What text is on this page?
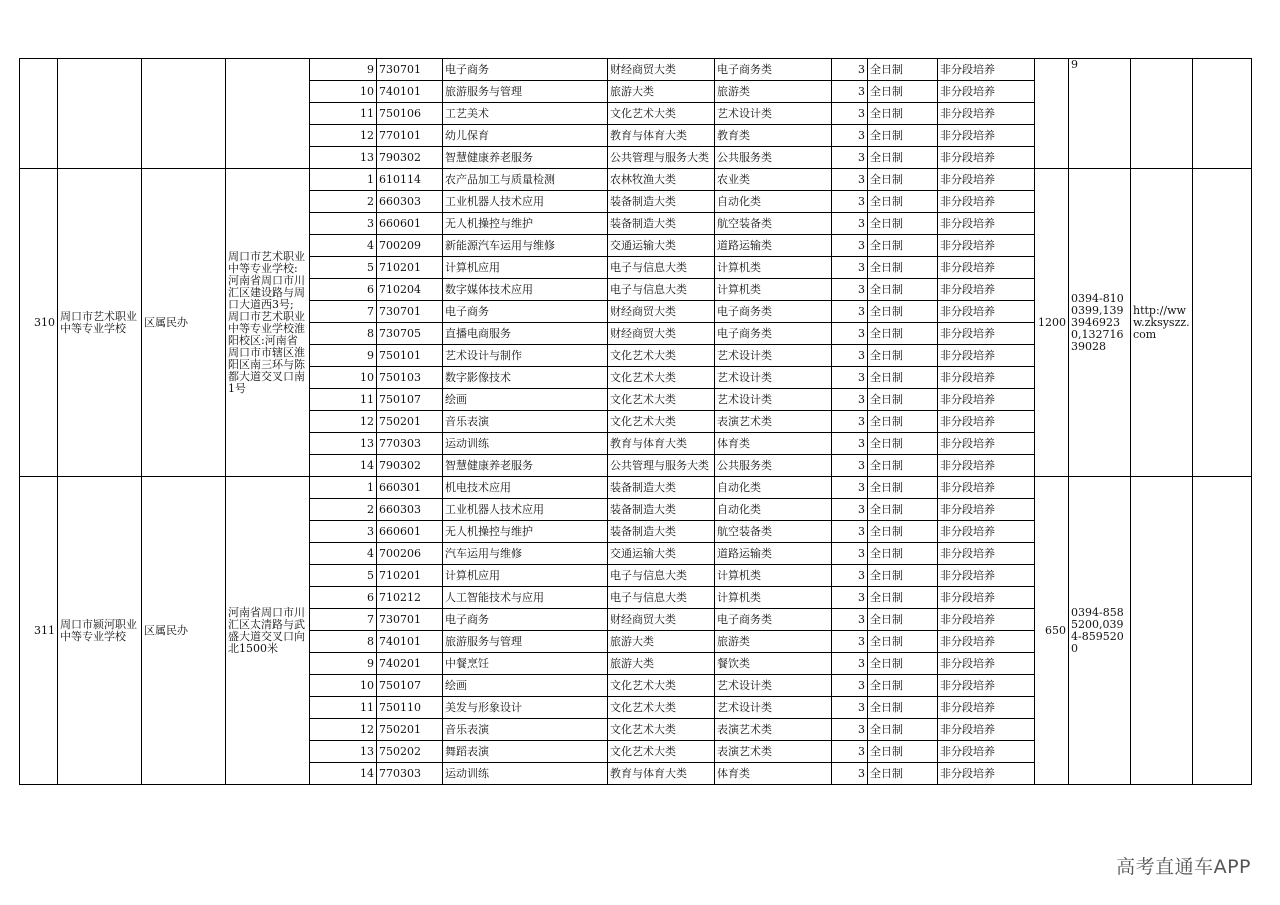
				9	730701	电子商务	财经商贸大类	电子商务类	3	全日制	非分段培养		9		
				10	740101	旅游服务与管理	旅游大类	旅游类	3	全日制	非分段培养				
				11	750106	工艺美术	文化艺术大类	艺术设计类	3	全日制	非分段培养				
				12	770101	幼儿保育	教育与体育大类	教育类	3	全日制	非分段培养				
				13	790302	智慧健康养老服务	公共管理与服务大类	公共服务类	3	全日制	非分段培养				
310	周口市艺术职业中等专业学校	区属民办	周口市艺术职业中等专业学校:河南省周口市川汇区建设路与周口大道西3号; 周口市艺术职业中等专业学校淮阳校区:河南省周口市市辖区淮阳区南三环与陈都大道交叉口南1号	1	610114	农产品加工与质量检测	农林牧渔大类	农业类	3	全日制	非分段培养	1200	0394-8100399,13939469230,13271639028	http://www.zksyszz.com	
				2	660303	工业机器人技术应用	装备制造大类	自动化类	3	全日制	非分段培养				
				3	660601	无人机操控与维护	装备制造大类	航空装备类	3	全日制	非分段培养				
				4	700209	新能源汽车运用与维修	交通运输大类	道路运输类	3	全日制	非分段培养				
				5	710201	计算机应用	电子与信息大类	计算机类	3	全日制	非分段培养				
				6	710204	数字媒体技术应用	电子与信息大类	计算机类	3	全日制	非分段培养				
				7	730701	电子商务	财经商贸大类	电子商务类	3	全日制	非分段培养				
				8	730705	直播电商服务	财经商贸大类	电子商务类	3	全日制	非分段培养				
				9	750101	艺术设计与制作	文化艺术大类	艺术设计类	3	全日制	非分段培养				
				10	750103	数字影像技术	文化艺术大类	艺术设计类	3	全日制	非分段培养				
				11	750107	绘画	文化艺术大类	艺术设计类	3	全日制	非分段培养				
				12	750201	音乐表演	文化艺术大类	表演艺术类	3	全日制	非分段培养				
				13	770303	运动训练	教育与体育大类	体育类	3	全日制	非分段培养				
				14	790302	智慧健康养老服务	公共管理与服务大类	公共服务类	3	全日制	非分段培养				
311	周口市颍河职业中等专业学校	区属民办	河南省周口市川汇区太清路与武盛大道交叉口向北1500米	1	660301	机电技术应用	装备制造大类	自动化类	3	全日制	非分段培养	650	0394-8585200,0394-8595200		
				2	660303	工业机器人技术应用	装备制造大类	自动化类	3	全日制	非分段培养				
				3	660601	无人机操控与维护	装备制造大类	航空装备类	3	全日制	非分段培养				
				4	700206	汽车运用与维修	交通运输大类	道路运输类	3	全日制	非分段培养				
				5	710201	计算机应用	电子与信息大类	计算机类	3	全日制	非分段培养				
				6	710212	人工智能技术与应用	电子与信息大类	计算机类	3	全日制	非分段培养				
				7	730701	电子商务	财经商贸大类	电子商务类	3	全日制	非分段培养				
				8	740101	旅游服务与管理	旅游大类	旅游类	3	全日制	非分段培养				
				9	740201	中餐烹饪	旅游大类	餐饮类	3	全日制	非分段培养				
				10	750107	绘画	文化艺术大类	艺术设计类	3	全日制	非分段培养				
				11	750110	美发与形象设计	文化艺术大类	艺术设计类	3	全日制	非分段培养				
				12	750201	音乐表演	文化艺术大类	表演艺术类	3	全日制	非分段培养				
				13	750202	舞蹈表演	文化艺术大类	表演艺术类	3	全日制	非分段培养				
				14	770303	运动训练	教育与体育大类	体育类	3	全日制	非分段培养				
高考直通车APP
